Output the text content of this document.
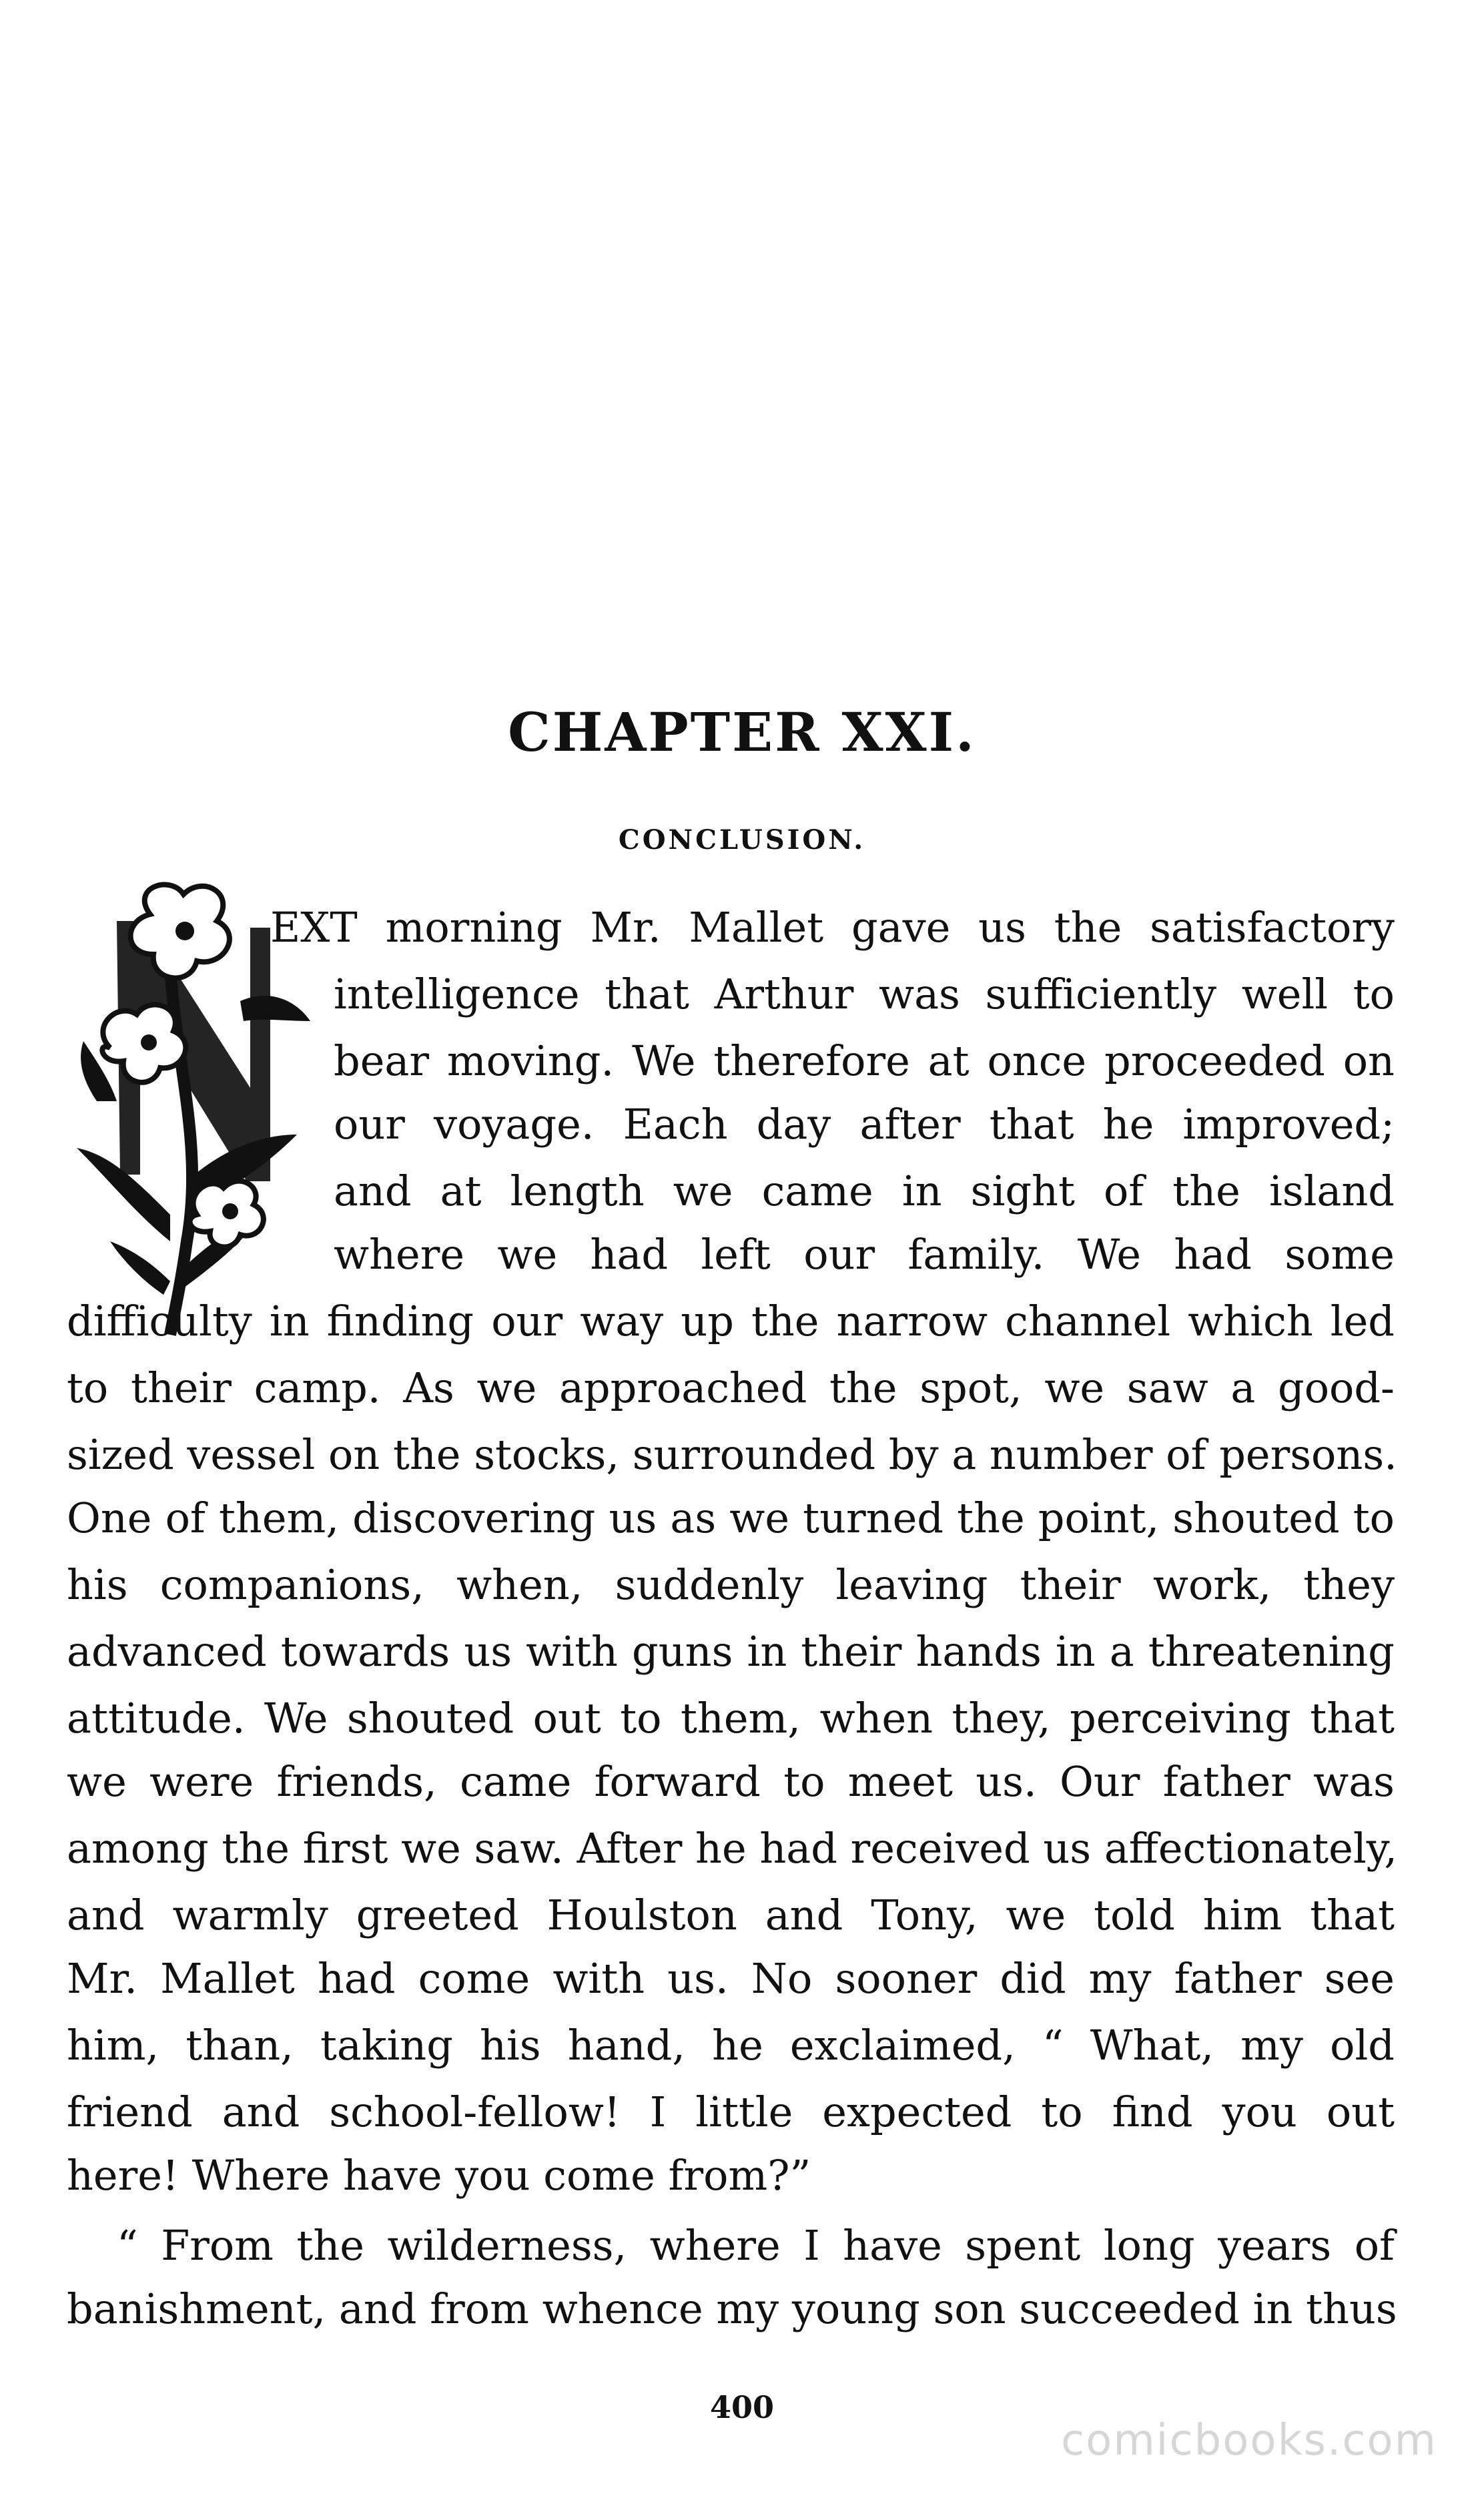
CHAPTER XXI.
CONCLUSION.
EXT morning Mr. Mallet gave us the satisfactory
intelligence that Arthur was sufficiently well to
bear moving. We therefore at once proceeded on
our voyage. Each day after that he improved;
and at length we came in sight of the island
where we had left our family. We had some
difficulty in finding our way up the narrow channel which led
to their camp. As we approached the spot, we saw a good-
sized vessel on the stocks, surrounded by a number of persons.
One of them, discovering us as we turned the point, shouted to
his companions, when, suddenly leaving their work, they
advanced towards us with guns in their hands in a threatening
attitude. We shouted out to them, when they, perceiving that
we were friends, came forward to meet us. Our father was
among the first we saw. After he had received us affectionately,
and warmly greeted Houlston and Tony, we told him that
Mr. Mallet had come with us. No sooner did my father see
him, than, taking his hand, he exclaimed, “ What, my old
friend and school-fellow! I little expected to find you out
here! Where have you come from?”
“ From the wilderness, where I have spent long years of
banishment, and from whence my young son succeeded in thus
400
comicbooks.com
